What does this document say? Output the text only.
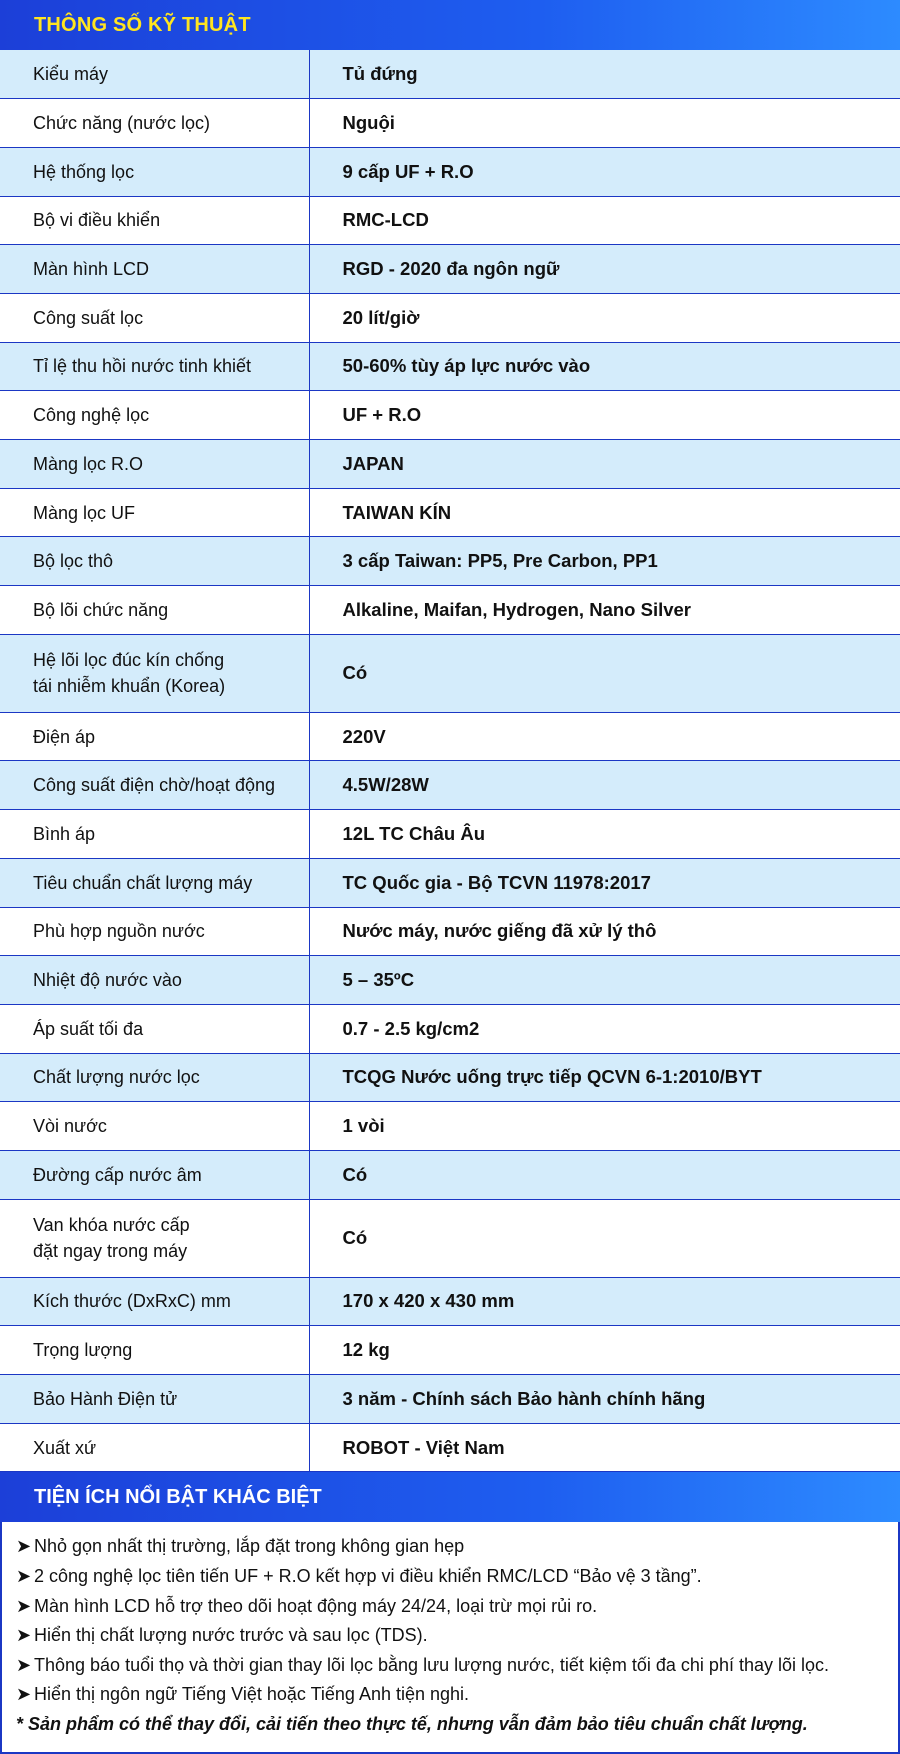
THÔNG SỐ KỸ THUẬT
Kiểu máy	Tủ đứng
Chức năng (nước lọc)	Nguội
Hệ thống lọc	9 cấp UF + R.O
Bộ vi điều khiển	RMC-LCD
Màn hình LCD	RGD - 2020 đa ngôn ngữ
Công suất lọc	20 lít/giờ
Tỉ lệ thu hồi nước tinh khiết	50-60% tùy áp lực nước vào
Công nghệ lọc	UF + R.O
Màng lọc R.O	JAPAN
Màng lọc UF	TAIWAN KÍN
Bộ lọc thô	3 cấp Taiwan: PP5, Pre Carbon, PP1
Bộ lõi chức năng	Alkaline, Maifan, Hydrogen, Nano Silver
Hệ lõi lọc đúc kín chống
tái nhiễm khuẩn (Korea)	Có
Điện áp	220V
Công suất điện chờ/hoạt động	4.5W/28W
Bình áp	12L TC Châu Âu
Tiêu chuẩn chất lượng máy	TC Quốc gia - Bộ TCVN 11978:2017
Phù hợp nguồn nước	Nước máy, nước giếng đã xử lý thô
Nhiệt độ nước vào	5 – 35ºC
Áp suất tối đa	0.7 - 2.5 kg/cm2
Chất lượng nước lọc	TCQG Nước uống trực tiếp QCVN 6-1:2010/BYT
Vòi nước	1 vòi
Đường cấp nước âm	Có
Van khóa nước cấp
đặt ngay trong máy	Có
Kích thước (DxRxC) mm	170 x 420 x 430 mm
Trọng lượng	12 kg
Bảo Hành Điện tử	3 năm - Chính sách Bảo hành chính hãng
Xuất xứ	ROBOT - Việt Nam
TIỆN ÍCH NỔI BẬT KHÁC BIỆT
➤ Nhỏ gọn nhất thị trường, lắp đặt trong không gian hẹp
➤ 2 công nghệ lọc tiên tiến UF + R.O kết hợp vi điều khiển RMC/LCD “Bảo vệ 3 tầng”.
➤ Màn hình LCD hỗ trợ theo dõi hoạt động máy 24/24, loại trừ mọi rủi ro.
➤ Hiển thị chất lượng nước trước và sau lọc (TDS).
➤ Thông báo tuổi thọ và thời gian thay lõi lọc bằng lưu lượng nước, tiết kiệm tối đa chi phí thay lõi lọc.
➤ Hiển thị ngôn ngữ Tiếng Việt hoặc Tiếng Anh tiện nghi.
* Sản phẩm có thể thay đổi, cải tiến theo thực tế, nhưng vẫn đảm bảo tiêu chuẩn chất lượng.
